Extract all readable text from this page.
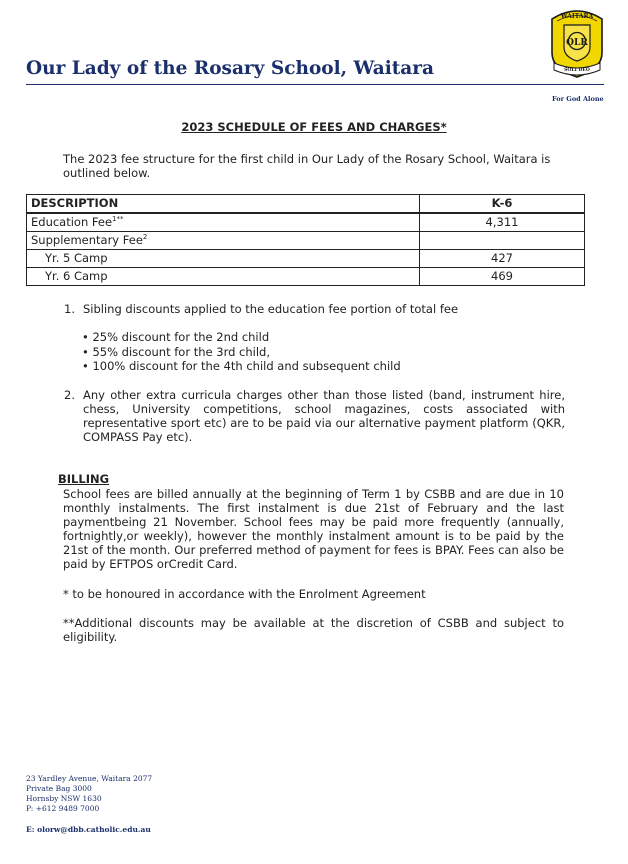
Our Lady of the Rosary School, Waitara
WAITARA
OLR
SOLI DEO
For God Alone
2023 SCHEDULE OF FEES AND CHARGES*
The 2023 fee structure for the first child in Our Lady of the Rosary School, Waitara is outlined below.
DESCRIPTION	K-6
Education Fee$^{1**}$	4,311
Supplementary Fee$^2$	
Yr. 5 Camp	427
Yr. 6 Camp	469
1. Sibling discounts applied to the education fee portion of total fee
• 25% discount for the 2nd child
• 55% discount for the 3rd child,
• 100% discount for the 4th child and subsequent child
2. Any other extra curricula charges other than those listed (band, instrument hire, chess, University competitions, school magazines, costs associated with representative sport etc) are to be paid via our alternative payment platform (QKR, COMPASS Pay etc).
BILLING
School fees are billed annually at the beginning of Term 1 by CSBB and are due in 10 monthly instalments. The first instalment is due 21st of February and the last paymentbeing 21 November. School fees may be paid more frequently (annually, fortnightly,or weekly), however the monthly instalment amount is to be paid by the 21st of the month. Our preferred method of payment for fees is BPAY. Fees can also be paid by EFTPOS orCredit Card.
* to be honoured in accordance with the Enrolment Agreement
**Additional discounts may be available at the discretion of CSBB and subject to eligibility.
23 Yardley Avenue, Waitara 2077
Private Bag 3000
Hornsby NSW 1630
P: +612 9489 7000
E: olorw@dbb.catholic.edu.au
